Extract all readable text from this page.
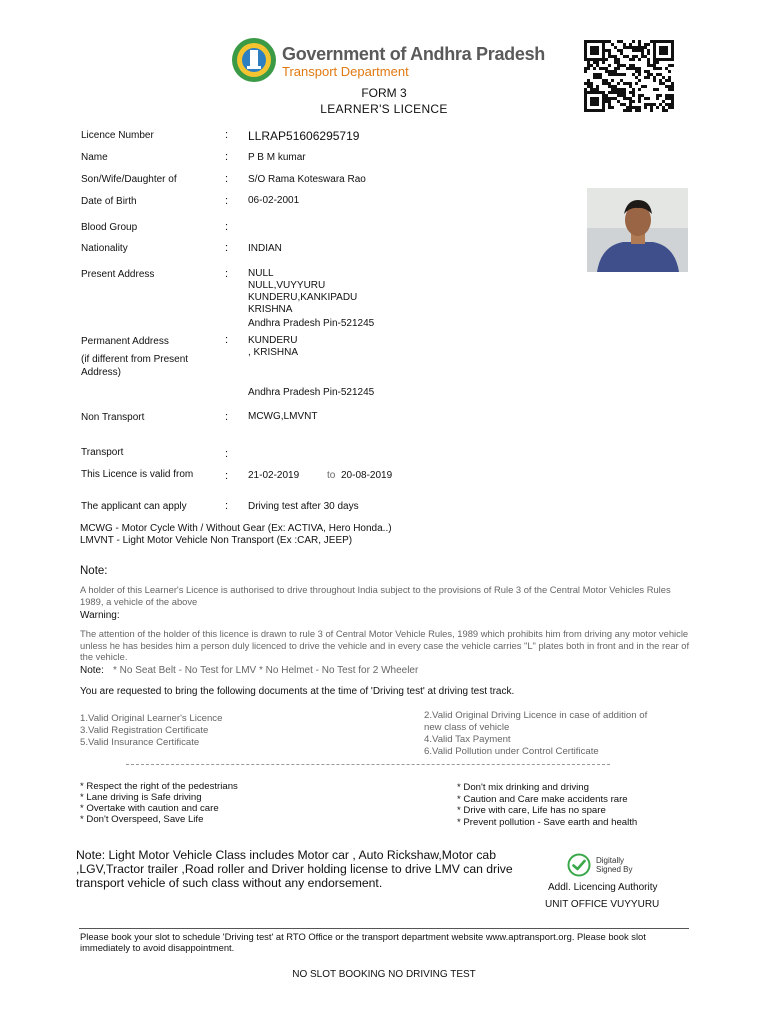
Government of Andhra Pradesh
Transport Department
FORM 3
LEARNER'S LICENCE
Licence Number	: LLRAP51606295719
Name	: P B M kumar
Son/Wife/Daughter of	: S/O Rama Koteswara Rao
Date of Birth	: 06-02-2001
Blood Group	:
Nationality	: INDIAN
Present Address	: NULL
NULL,VUYYURU
KUNDERU,KANKIPADU
KRISHNA
Andhra Pradesh Pin-521245
Permanent Address
(if different from Present Address)
: KUNDERU
, KRISHNA
Andhra Pradesh Pin-521245
Non Transport	: MCWG,LMVNT
Transport	:
This Licence is valid from	: 21-02-2019	to 20-08-2019
The applicant can apply	: Driving test after 30 days
MCWG - Motor Cycle With / Without Gear (Ex: ACTIVA, Hero Honda..)
LMVNT - Light Motor Vehicle Non Transport (Ex :CAR, JEEP)
Note:
A holder of this Learner's Licence is authorised to drive throughout India subject to the provisions of Rule 3 of the Central Motor Vehicles Rules 1989, a vehicle of the above
Warning:
The attention of the holder of this licence is drawn to rule 3 of Central Motor Vehicle Rules, 1989 which prohibits him from driving any motor vehicle unless he has besides him a person duly licenced to drive the vehicle and in every case the vehicle carries "L" plates both in front and in the rear of the vehicle.
Note: * No Seat Belt - No Test for LMV * No Helmet - No Test for 2 Wheeler
You are requested to bring the following documents at the time of 'Driving test' at driving test track.
1.Valid Original Learner's Licence
3.Valid Registration Certificate
5.Valid Insurance Certificate
2.Valid Original Driving Licence in case of addition of
new class of vehicle
4.Valid Tax Payment
6.Valid Pollution under Control Certificate
* Respect the right of the pedestrians
* Lane driving is Safe driving
* Overtake with caution and care
* Don't Overspeed, Save Life
* Don't mix drinking and driving
* Caution and Care make accidents rare
* Drive with care, Life has no spare
* Prevent pollution - Save earth and health
Note: Light Motor Vehicle Class includes Motor car , Auto Rickshaw,Motor cab ,LGV,Tractor trailer ,Road roller and Driver holding license to drive LMV can drive transport vehicle of such class without any endorsement.
Digitally
Signed By
Addl. Licencing Authority
UNIT OFFICE VUYYURU
Please book your slot to schedule 'Driving test' at RTO Office or the transport department website www.aptransport.org. Please book slot immediately to avoid disappointment.
NO SLOT BOOKING NO DRIVING TEST
